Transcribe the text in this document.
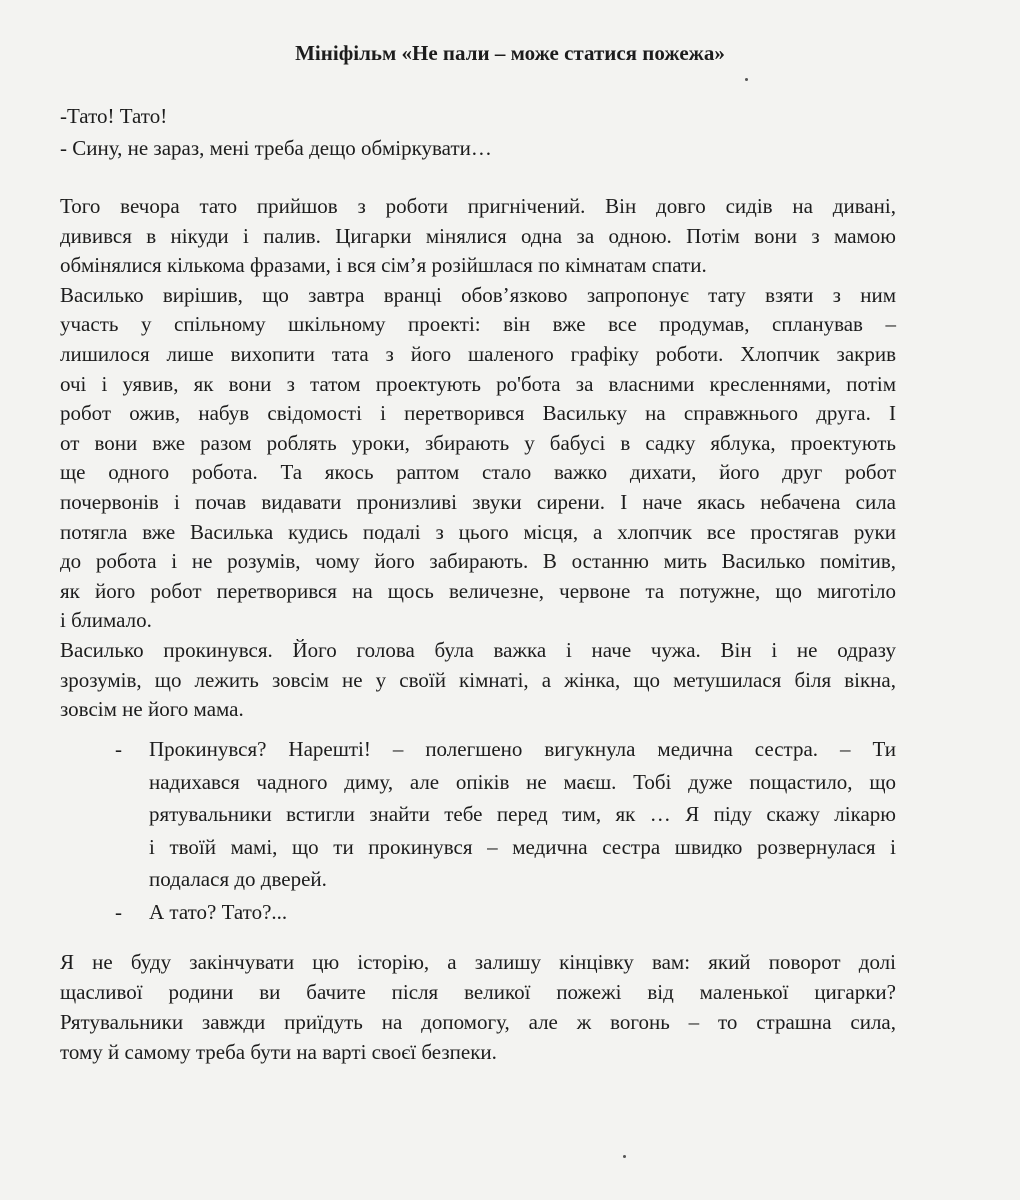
Мініфільм «Не пали – може статися пожежа»
-Тато! Тато!
- Сину, не зараз, мені треба дещо обміркувати…
Того вечора тато прийшов з роботи пригнічений. Він довго сидів на дивані,
дивився в нікуди і палив. Цигарки мінялися одна за одною. Потім вони з мамою
обмінялися кількома фразами, і вся сім’я розійшлася по кімнатам спати.
Василько вирішив, що завтра вранці обов’язково запропонує тату взяти з ним
участь у спільному шкільному проекті: він вже все продумав, спланував –
лишилося лише вихопити тата з його шаленого графіку роботи. Хлопчик закрив
очі і уявив, як вони з татом проектують ро'бота за власними кресленнями, потім
робот ожив, набув свідомості і перетворився Васильку на справжнього друга. І
от вони вже разом роблять уроки, збирають у бабусі в садку яблука, проектують
ще одного робота. Та якось раптом стало важко дихати, його друг робот
почервонів і почав видавати пронизливі звуки сирени. І наче якась небачена сила
потягла вже Василька кудись подалі з цього місця, а хлопчик все простягав руки
до робота і не розумів, чому його забирають. В останню мить Василько помітив,
як його робот перетворився на щось величезне, червоне та потужне, що миготіло
і блимало.
Василько прокинувся. Його голова була важка і наче чужа. Він і не одразу
зрозумів, що лежить зовсім не у своїй кімнаті, а жінка, що метушилася біля вікна,
зовсім не його мама.
- Прокинувся? Нарешті! – полегшено вигукнула медична сестра. – Ти
надихався чадного диму, але опіків не маєш. Тобі дуже пощастило, що
рятувальники встигли знайти тебе перед тим, як … Я піду скажу лікарю
і твоїй мамі, що ти прокинувся – медична сестра швидко розвернулася і
подалася до дверей.
- А тато? Тато?...
Я не буду закінчувати цю історію, а залишу кінцівку вам: який поворот долі
щасливої родини ви бачите після великої пожежі від маленької цигарки?
Рятувальники завжди приїдуть на допомогу, але ж вогонь – то страшна сила,
тому й самому треба бути на варті своєї безпеки.
